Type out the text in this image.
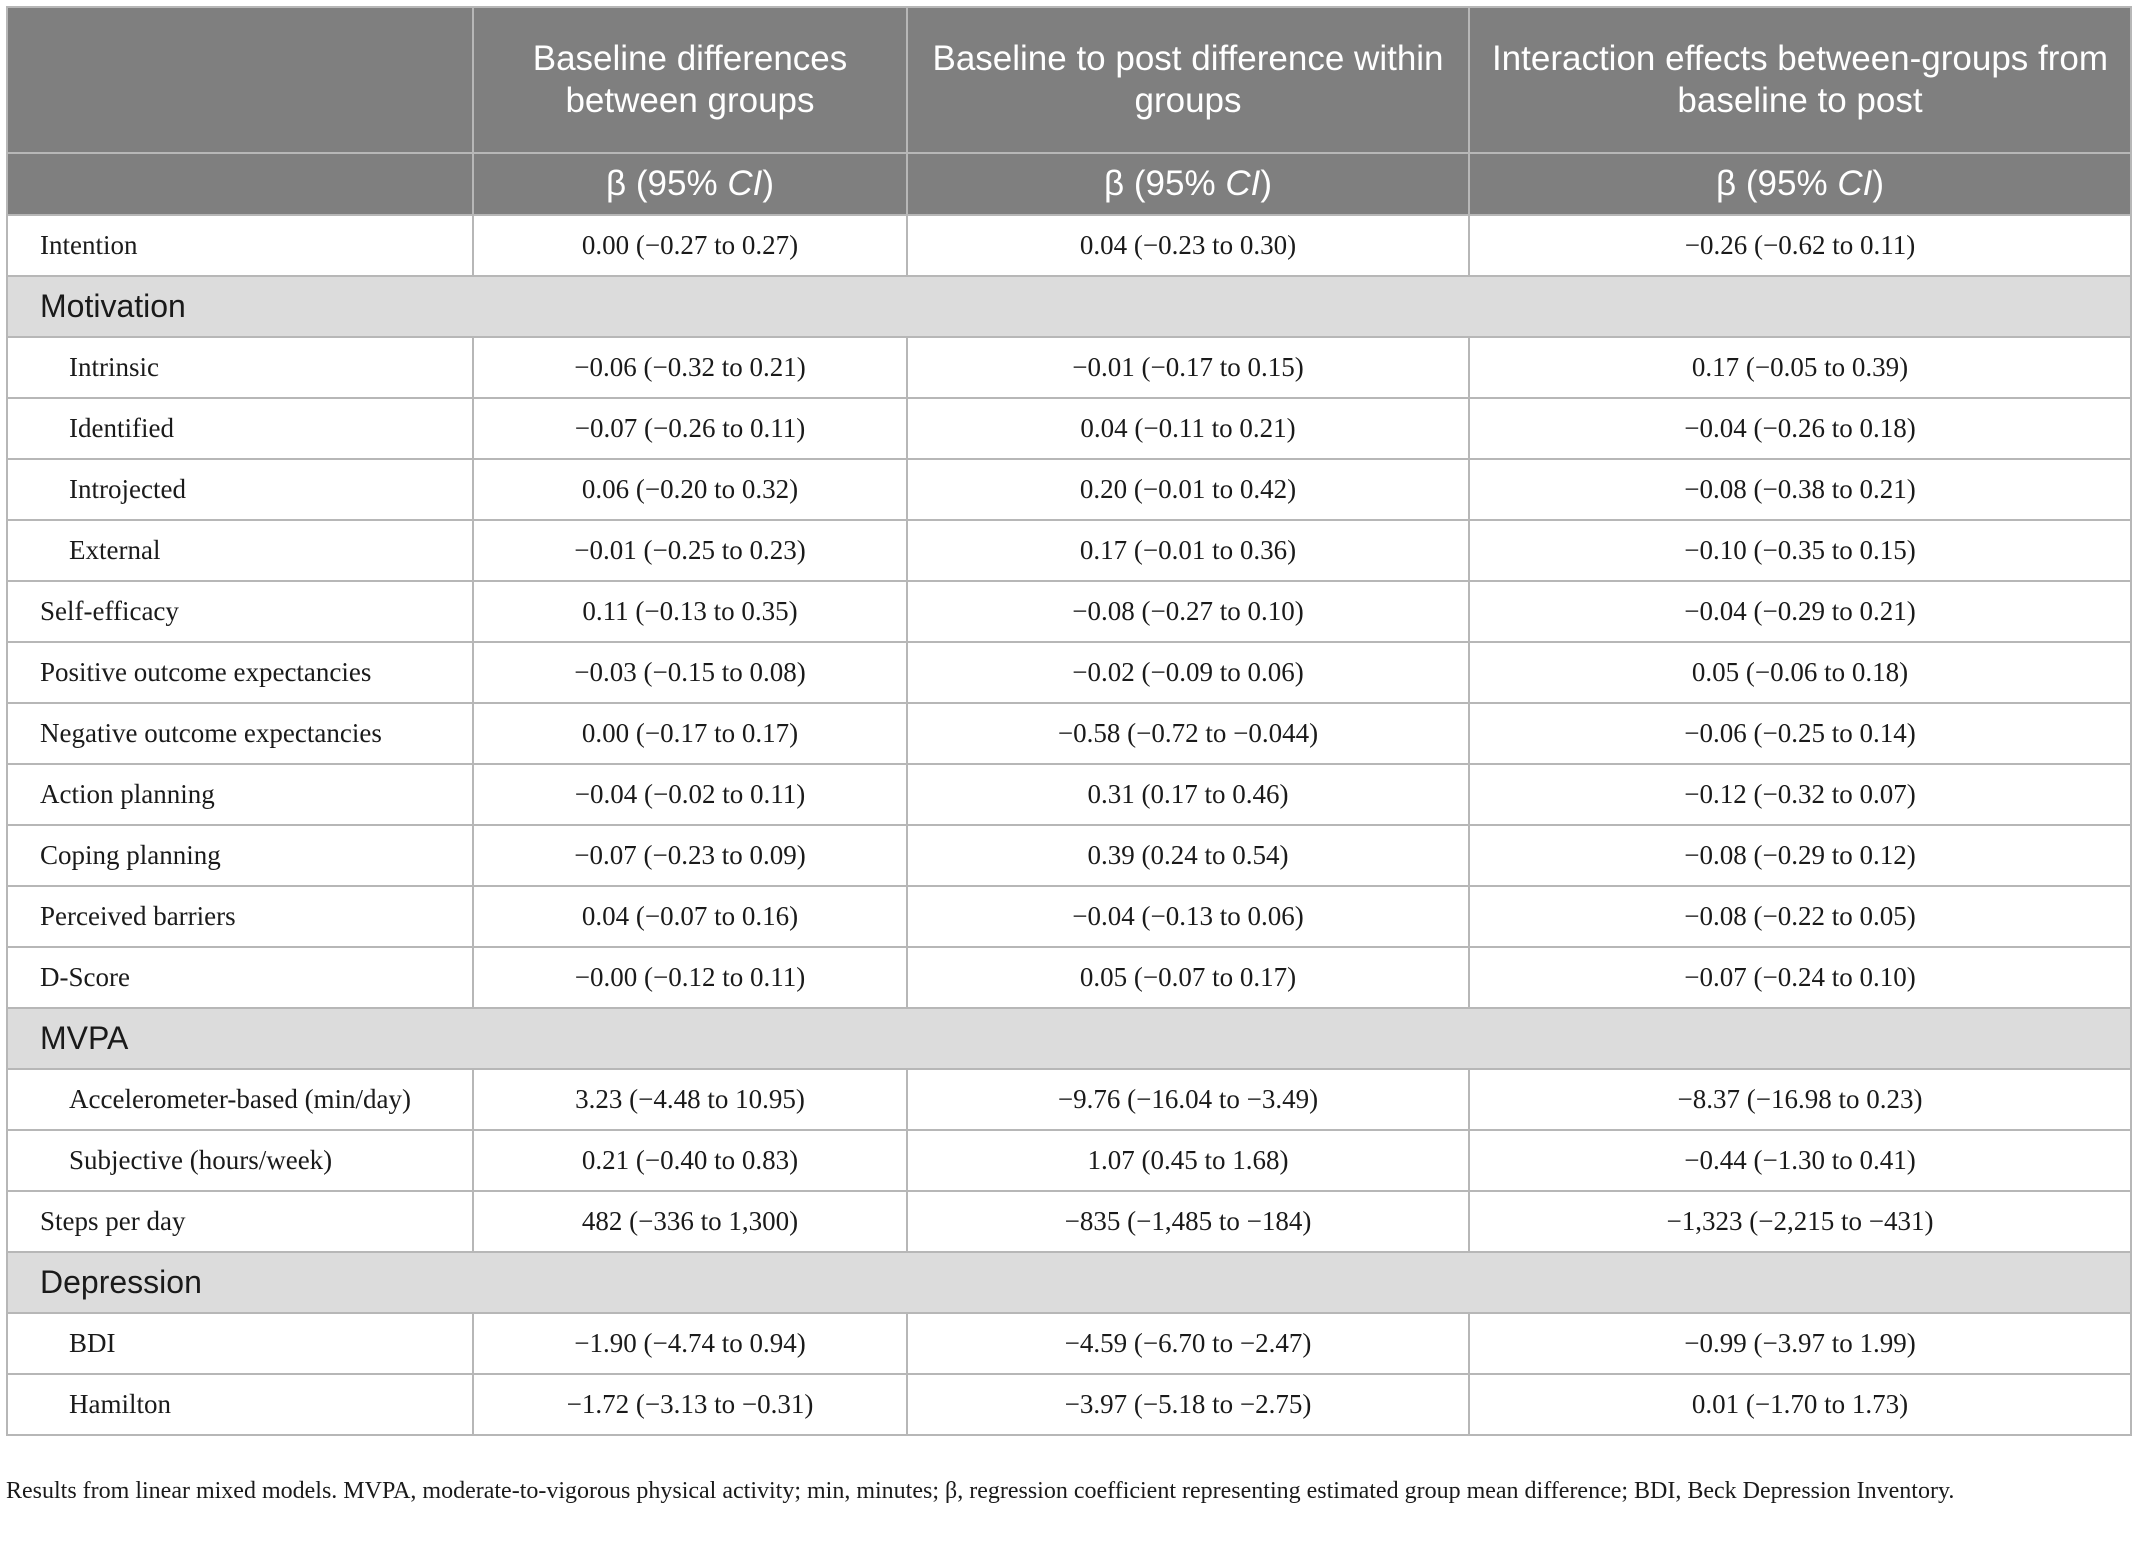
	Baseline differences between groups	Baseline to post difference within groups	Interaction effects between-groups from baseline to post
	β (95% CI)	β (95% CI)	β (95% CI)
Intention	0.00 (−0.27 to 0.27)	0.04 (−0.23 to 0.30)	−0.26 (−0.62 to 0.11)
Motivation			
Intrinsic	−0.06 (−0.32 to 0.21)	−0.01 (−0.17 to 0.15)	0.17 (−0.05 to 0.39)
Identified	−0.07 (−0.26 to 0.11)	0.04 (−0.11 to 0.21)	−0.04 (−0.26 to 0.18)
Introjected	0.06 (−0.20 to 0.32)	0.20 (−0.01 to 0.42)	−0.08 (−0.38 to 0.21)
External	−0.01 (−0.25 to 0.23)	0.17 (−0.01 to 0.36)	−0.10 (−0.35 to 0.15)
Self-efficacy	0.11 (−0.13 to 0.35)	−0.08 (−0.27 to 0.10)	−0.04 (−0.29 to 0.21)
Positive outcome expectancies	−0.03 (−0.15 to 0.08)	−0.02 (−0.09 to 0.06)	0.05 (−0.06 to 0.18)
Negative outcome expectancies	0.00 (−0.17 to 0.17)	−0.58 (−0.72 to −0.044)	−0.06 (−0.25 to 0.14)
Action planning	−0.04 (−0.02 to 0.11)	0.31 (0.17 to 0.46)	−0.12 (−0.32 to 0.07)
Coping planning	−0.07 (−0.23 to 0.09)	0.39 (0.24 to 0.54)	−0.08 (−0.29 to 0.12)
Perceived barriers	0.04 (−0.07 to 0.16)	−0.04 (−0.13 to 0.06)	−0.08 (−0.22 to 0.05)
D-Score	−0.00 (−0.12 to 0.11)	0.05 (−0.07 to 0.17)	−0.07 (−0.24 to 0.10)
MVPA			
Accelerometer-based (min/day)	3.23 (−4.48 to 10.95)	−9.76 (−16.04 to −3.49)	−8.37 (−16.98 to 0.23)
Subjective (hours/week)	0.21 (−0.40 to 0.83)	1.07 (0.45 to 1.68)	−0.44 (−1.30 to 0.41)
Steps per day	482 (−336 to 1,300)	−835 (−1,485 to −184)	−1,323 (−2,215 to −431)
Depression			
BDI	−1.90 (−4.74 to 0.94)	−4.59 (−6.70 to −2.47)	−0.99 (−3.97 to 1.99)
Hamilton	−1.72 (−3.13 to −0.31)	−3.97 (−5.18 to −2.75)	0.01 (−1.70 to 1.73)
Results from linear mixed models. MVPA, moderate-to-vigorous physical activity; min, minutes; β, regression coefficient representing estimated group mean difference; BDI, Beck Depression Inventory.
